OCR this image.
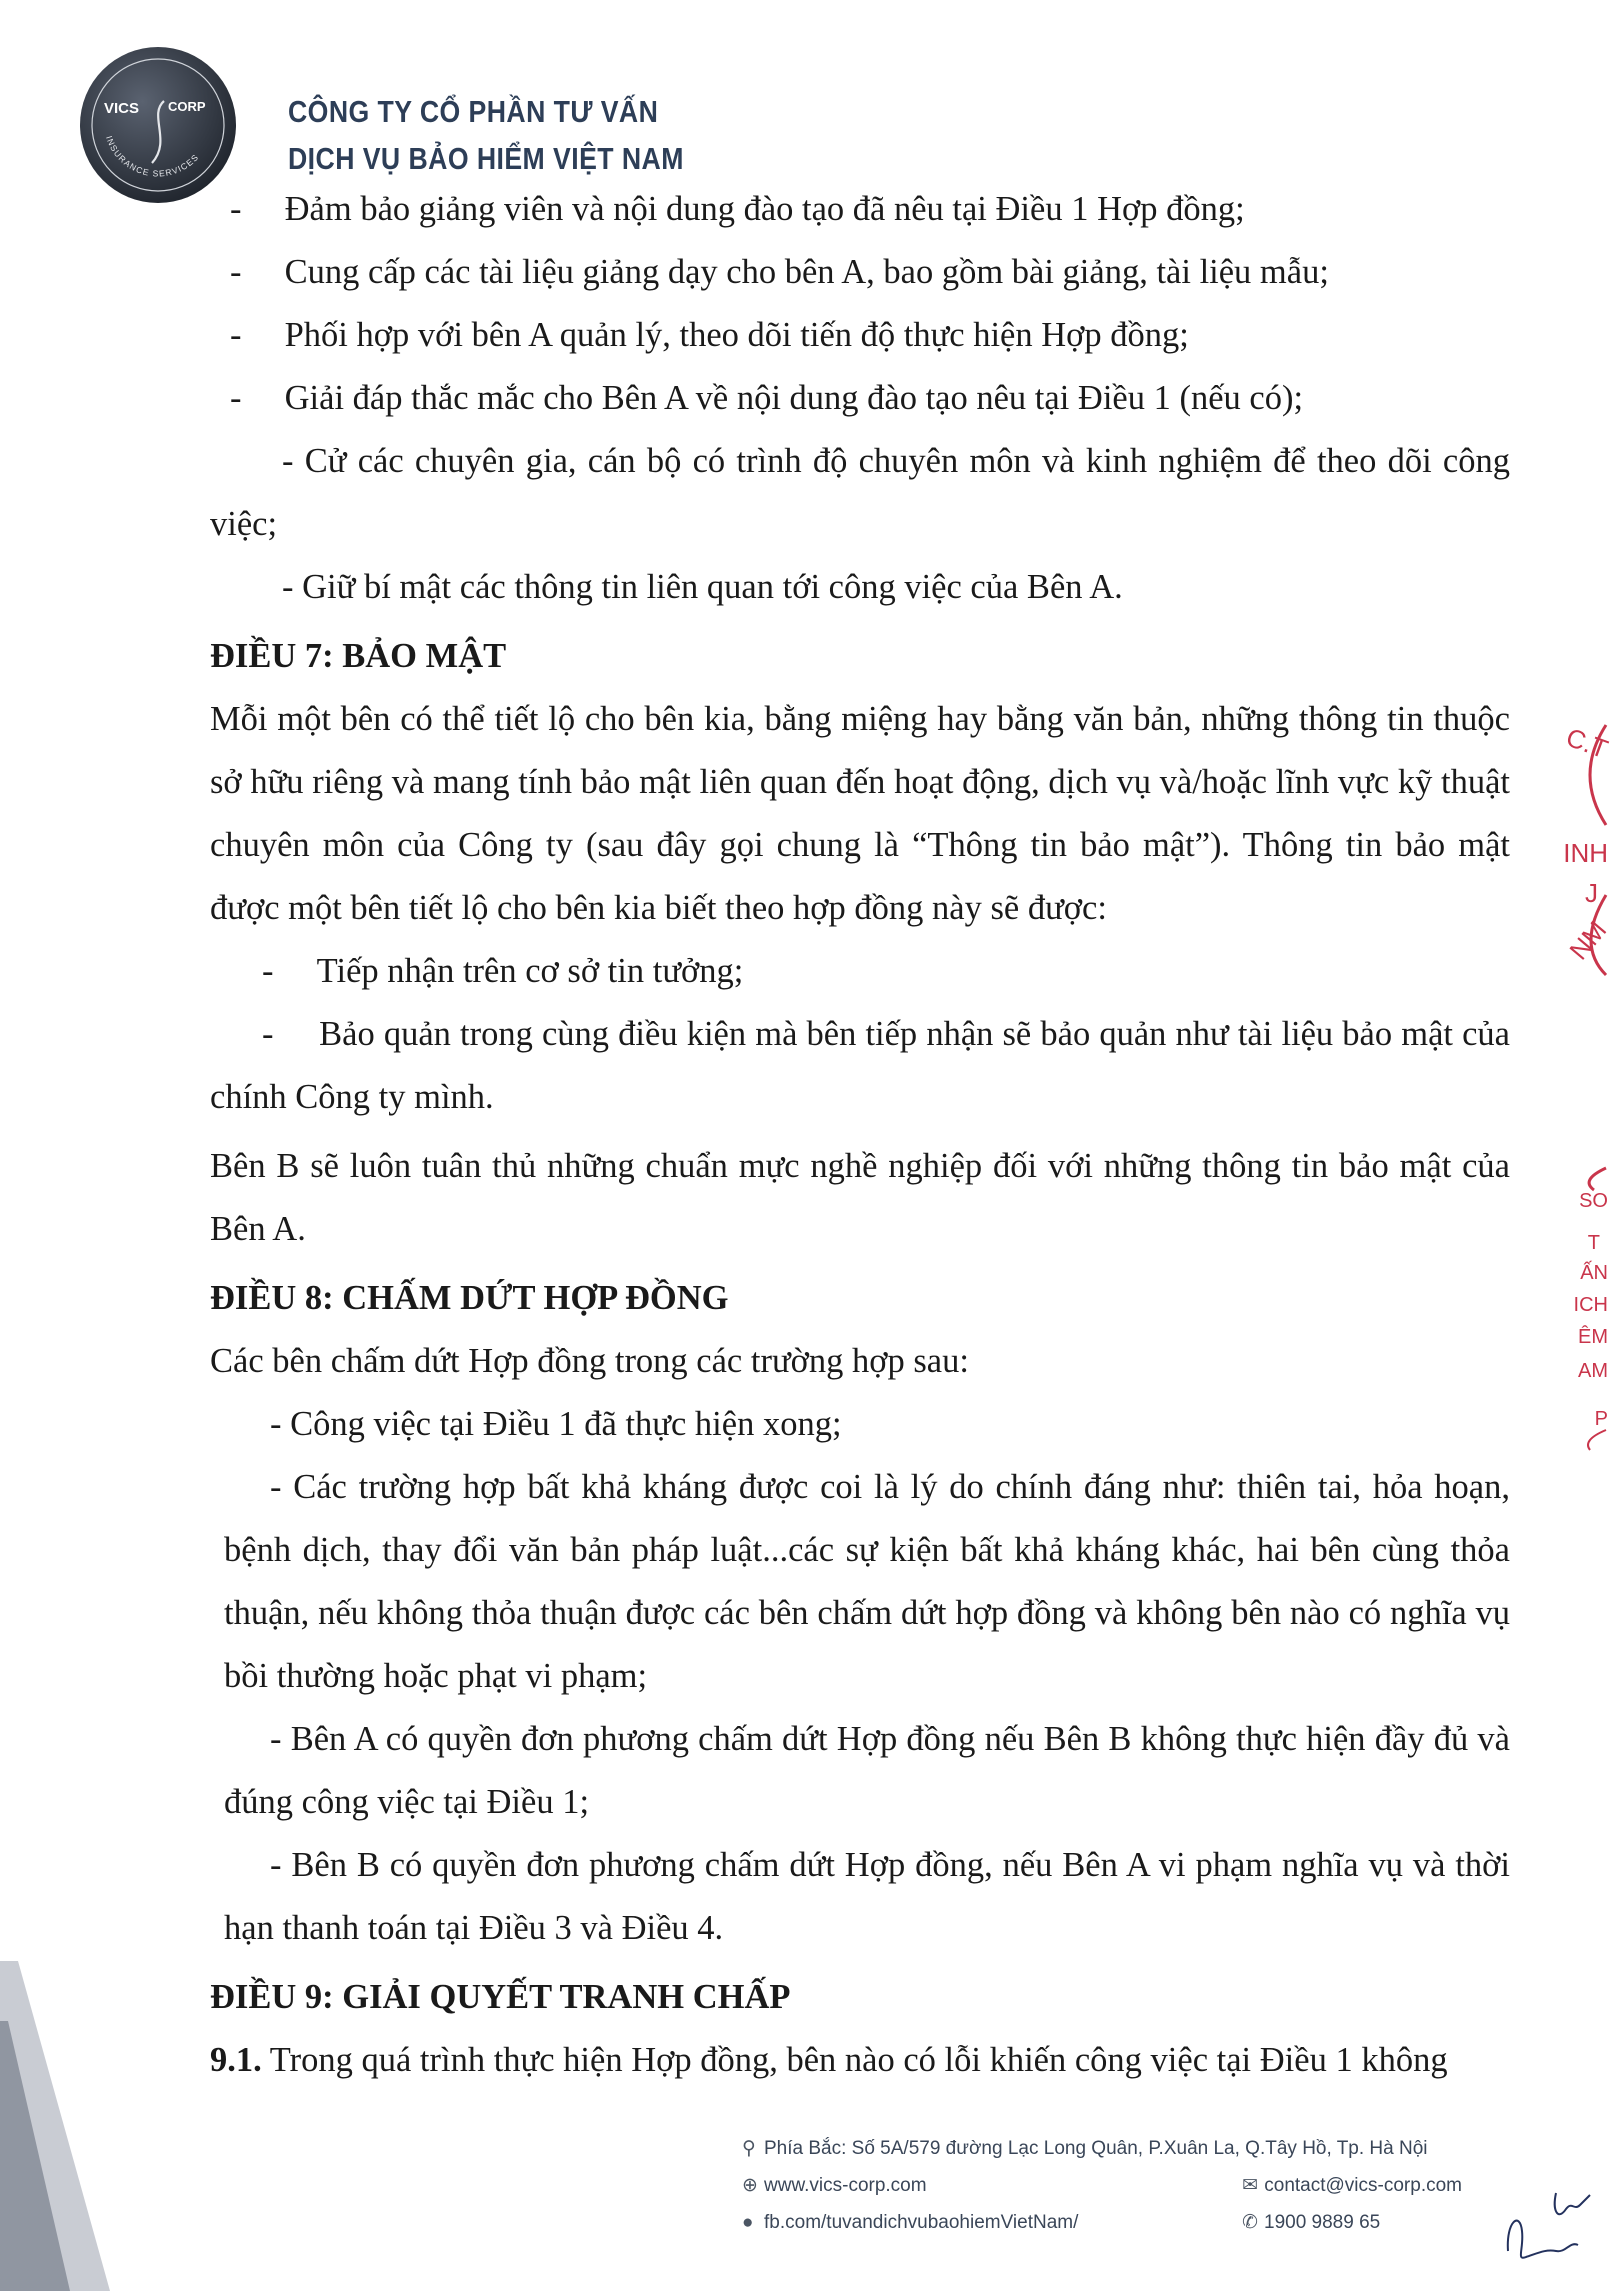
VICS CORP
INSURANCE SERVICES
CÔNG TY CỔ PHẦN TƯ VẤN
DỊCH VỤ BẢO HIỂM VIỆT NAM

-     Đảm bảo giảng viên và nội dung đào tạo đã nêu tại Điều 1 Hợp đồng;

-     Cung cấp các tài liệu giảng dạy cho bên A, bao gồm bài giảng, tài liệu mẫu;

-     Phối hợp với bên A quản lý, theo dõi tiến độ thực hiện Hợp đồng;

-     Giải đáp thắc mắc cho Bên A về nội dung đào tạo nêu tại Điều 1 (nếu có);

- Cử các chuyên gia, cán bộ có trình độ chuyên môn và kinh nghiệm để theo dõi công việc;

- Giữ bí mật các thông tin liên quan tới công việc của Bên A.

ĐIỀU 7: BẢO MẬT

Mỗi một bên có thể tiết lộ cho bên kia, bằng miệng hay bằng văn bản, những thông tin thuộc sở hữu riêng và mang tính bảo mật liên quan đến hoạt động, dịch vụ và/hoặc lĩnh vực kỹ thuật chuyên môn của Công ty (sau đây gọi chung là “Thông tin bảo mật”). Thông tin bảo mật được một bên tiết lộ cho bên kia biết theo hợp đồng này sẽ được:

-     Tiếp nhận trên cơ sở tin tưởng;

-     Bảo quản trong cùng điều kiện mà bên tiếp nhận sẽ bảo quản như tài liệu bảo mật của chính Công ty mình.

Bên B sẽ luôn tuân thủ những chuẩn mực nghề nghiệp đối với những thông tin bảo mật của Bên A.

ĐIỀU 8: CHẤM DỨT HỢP ĐỒNG

Các bên chấm dứt Hợp đồng trong các trường hợp sau:

- Công việc tại Điều 1 đã thực hiện xong;

- Các trường hợp bất khả kháng được coi là lý do chính đáng như: thiên tai, hỏa hoạn, bệnh dịch, thay đổi văn bản pháp luật...các sự kiện bất khả kháng khác, hai bên cùng thỏa thuận, nếu không thỏa thuận được các bên chấm dứt hợp đồng và không bên nào có nghĩa vụ bồi thường hoặc phạt vi phạm;

- Bên A có quyền đơn phương chấm dứt Hợp đồng nếu Bên B không thực hiện đầy đủ và đúng công việc tại Điều 1;

- Bên B có quyền đơn phương chấm dứt Hợp đồng, nếu Bên A vi phạm nghĩa vụ và thời hạn thanh toán tại Điều 3 và Điều 4.

ĐIỀU 9: GIẢI QUYẾT TRANH CHẤP

9.1. Trong quá trình thực hiện Hợp đồng, bên nào có lỗi khiến công việc tại Điều 1 không

C.T
INH
J
NM
SO
T
ẤN
ICH
ÊM
AM
P
⚲ Phía Bắc: Số 5A/579 đường Lạc Long Quân, P.Xuân La, Q.Tây Hồ, Tp. Hà Nội
⊕ www.vics-corp.com	✉ contact@vics-corp.com
● fb.com/tuvandichvubaohiemVietNam/	✆ 1900 9889 65
